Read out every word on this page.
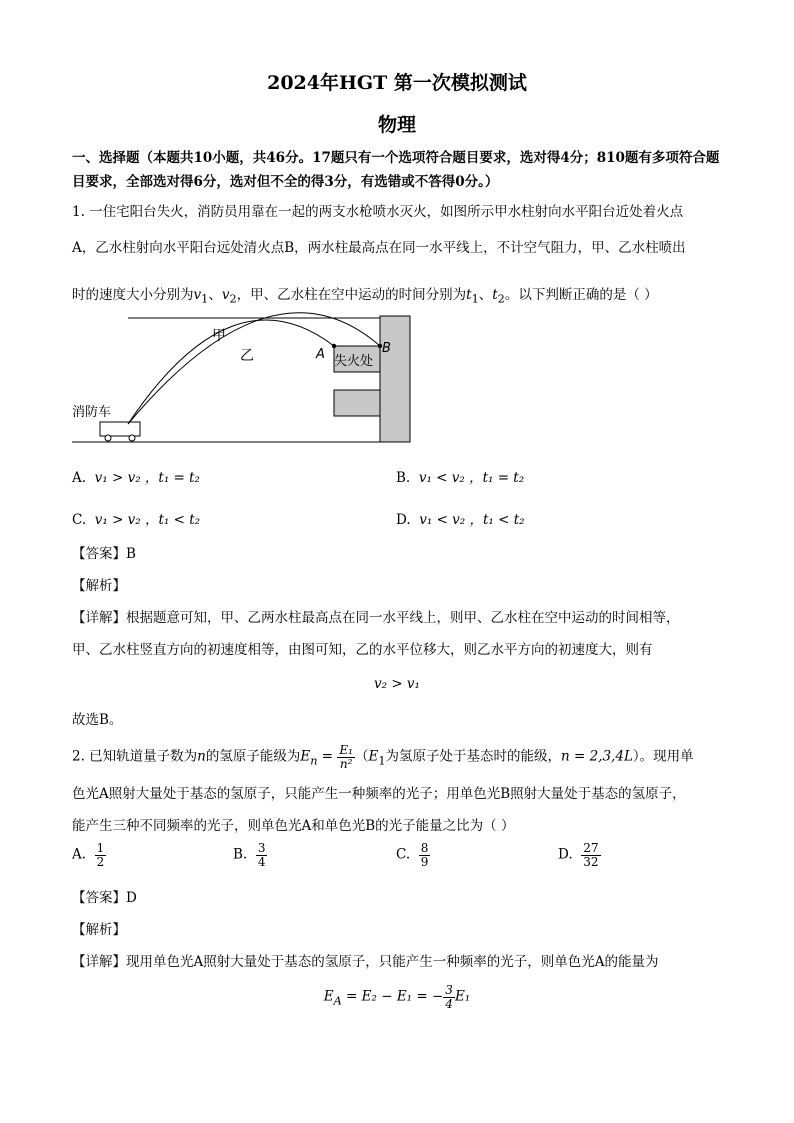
2024年HGT 第一次模拟测试
物理
一、选择题（本题共10小题，共46分。17题只有一个选项符合题目要求，选对得4分；810题有多项符合题目要求，全部选对得6分，选对但不全的得3分，有选错或不答得0分。）
1. 一住宅阳台失火，消防员用靠在一起的两支水枪喷水灭火，如图所示甲水柱射向水平阳台近处着火点
A，乙水柱射向水平阳台远处清火点B，两水柱最高点在同一水平线上，不计空气阻力，甲、乙水柱喷出
时的速度大小分别为$v_1$、$v_2$，甲、乙水柱在空中运动的时间分别为$t_1$、$t_2$。以下判断正确的是（ ）
甲
乙	A	B
失火处
消防车
A. v₁ > v₂ ，t₁ = t₂	B. v₁ < v₂ ，t₁ = t₂
C. v₁ > v₂ ，t₁ < t₂	D. v₁ < v₂ ，t₁ < t₂
【答案】B
【解析】
【详解】根据题意可知，甲、乙两水柱最高点在同一水平线上，则甲、乙水柱在空中运动的时间相等，
甲、乙水柱竖直方向的初速度相等，由图可知，乙的水平位移大，则乙水平方向的初速度大，则有
v₂ > v₁
故选B。
2. 已知轨道量子数为n的氢原子能级为$E_n = \frac{\text{E₁}}{\text{n²}} (E_1$为氢原子处于基态时的能级，n = 2,3,4L）。现用单
色光A照射大量处于基态的氢原子，只能产生一种频率的光子；用单色光B照射大量处于基态的氢原子，
能产生三种不同频率的光子，则单色光A和单色光B的光子能量之比为（ ）
A. $\frac{1}{2}$	B. $\frac{3}{4}$	C. $\frac{8}{9}$	D. $\frac{27}{32}$
【答案】D
【解析】
【详解】现用单色光A照射大量处于基态的氢原子，只能产生一种频率的光子，则单色光A的能量为
$E_A = E_2 - E_1$ = − $\frac{3}{4} E_1$
